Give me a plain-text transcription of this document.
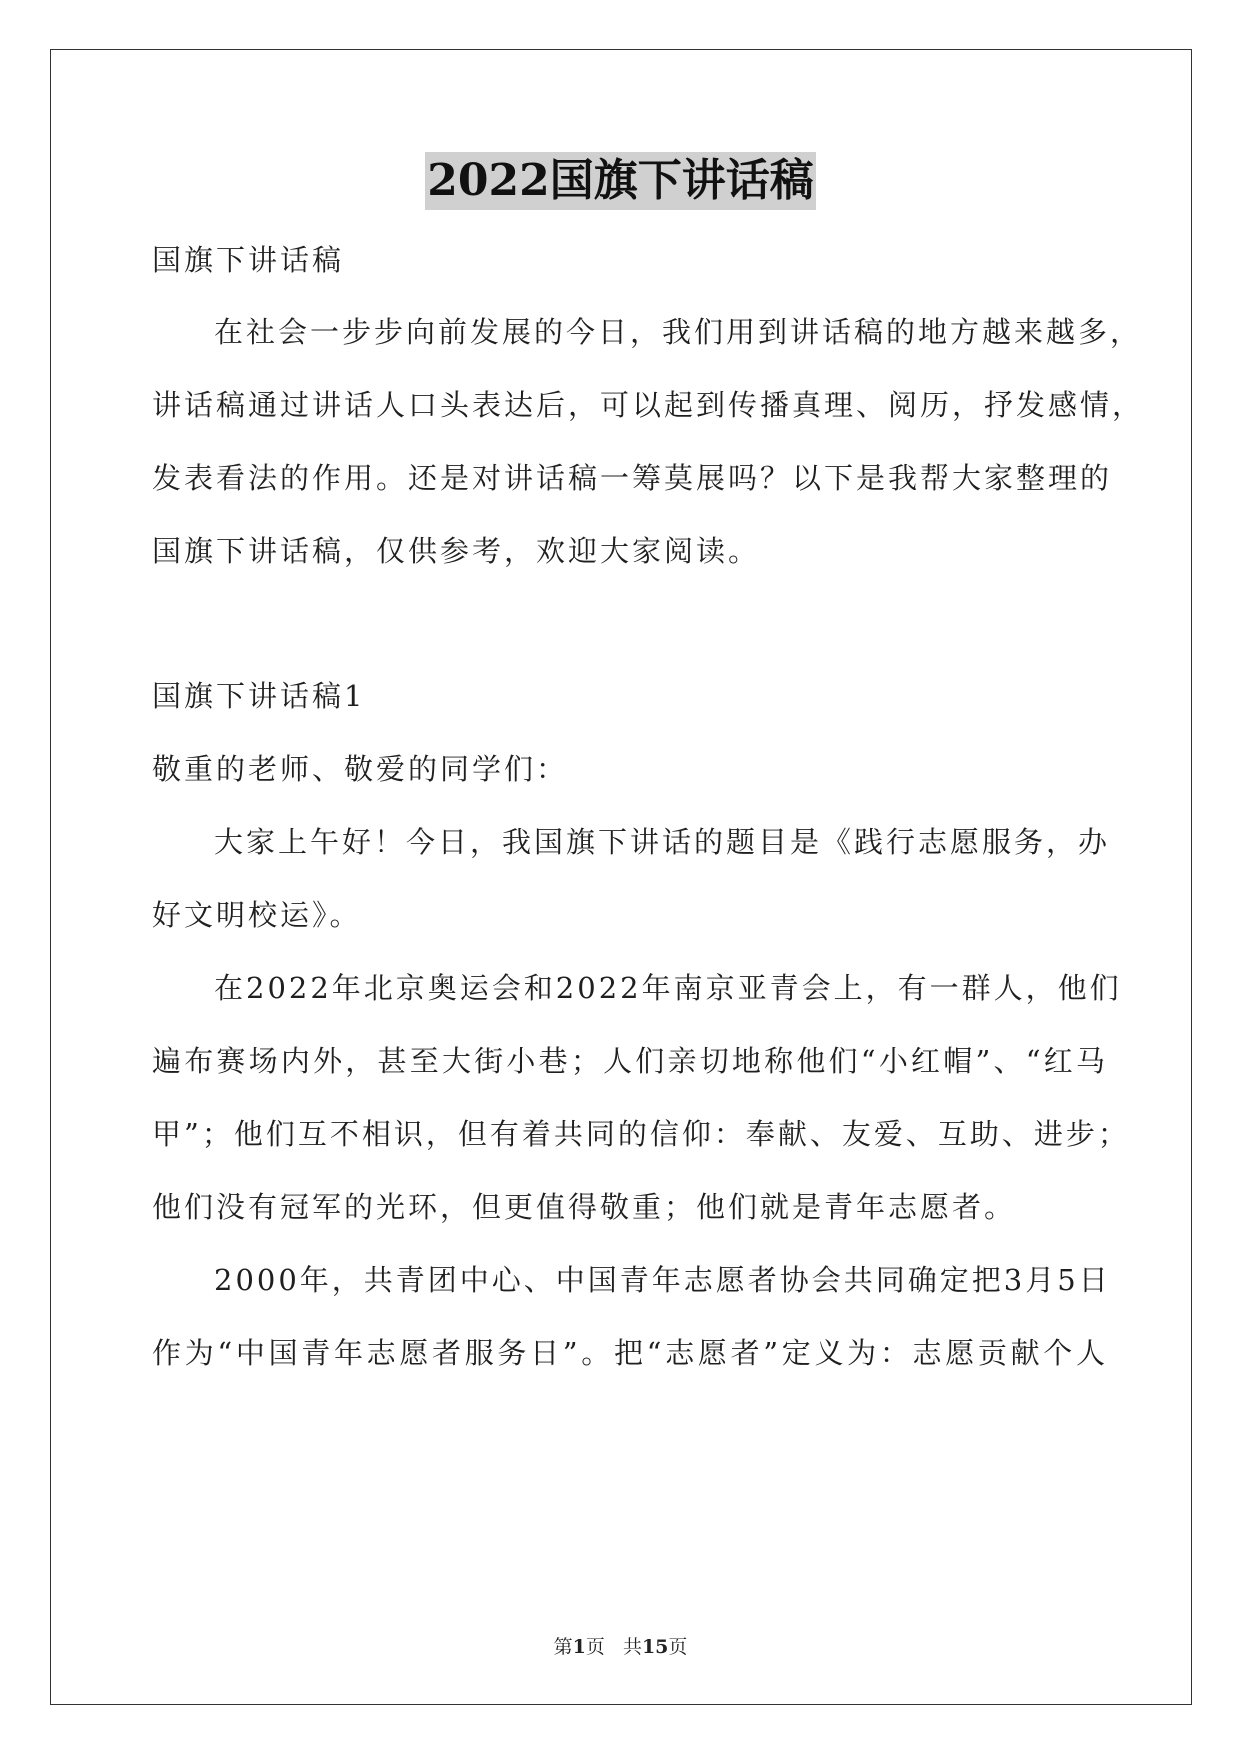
2022国旗下讲话稿

国旗下讲话稿

在社会一步步向前发展的今日，我们用到讲话稿的地方越来越多，

讲话稿通过讲话人口头表达后，可以起到传播真理、阅历，抒发感情，

发表看法的作用。还是对讲话稿一筹莫展吗？以下是我帮大家整理的

国旗下讲话稿，仅供参考，欢迎大家阅读。

国旗下讲话稿1

敬重的老师、敬爱的同学们：

大家上午好！今日，我国旗下讲话的题目是《践行志愿服务，办

好文明校运》。

在2022年北京奥运会和2022年南京亚青会上，有一群人，他们

遍布赛场内外，甚至大街小巷；人们亲切地称他们“小红帽”、“红马

甲”；他们互不相识，但有着共同的信仰：奉献、友爱、互助、进步；

他们没有冠军的光环，但更值得敬重；他们就是青年志愿者。

2000年，共青团中心、中国青年志愿者协会共同确定把3月5日

作为“中国青年志愿者服务日”。把“志愿者”定义为：志愿贡献个人

第1页   共15页
